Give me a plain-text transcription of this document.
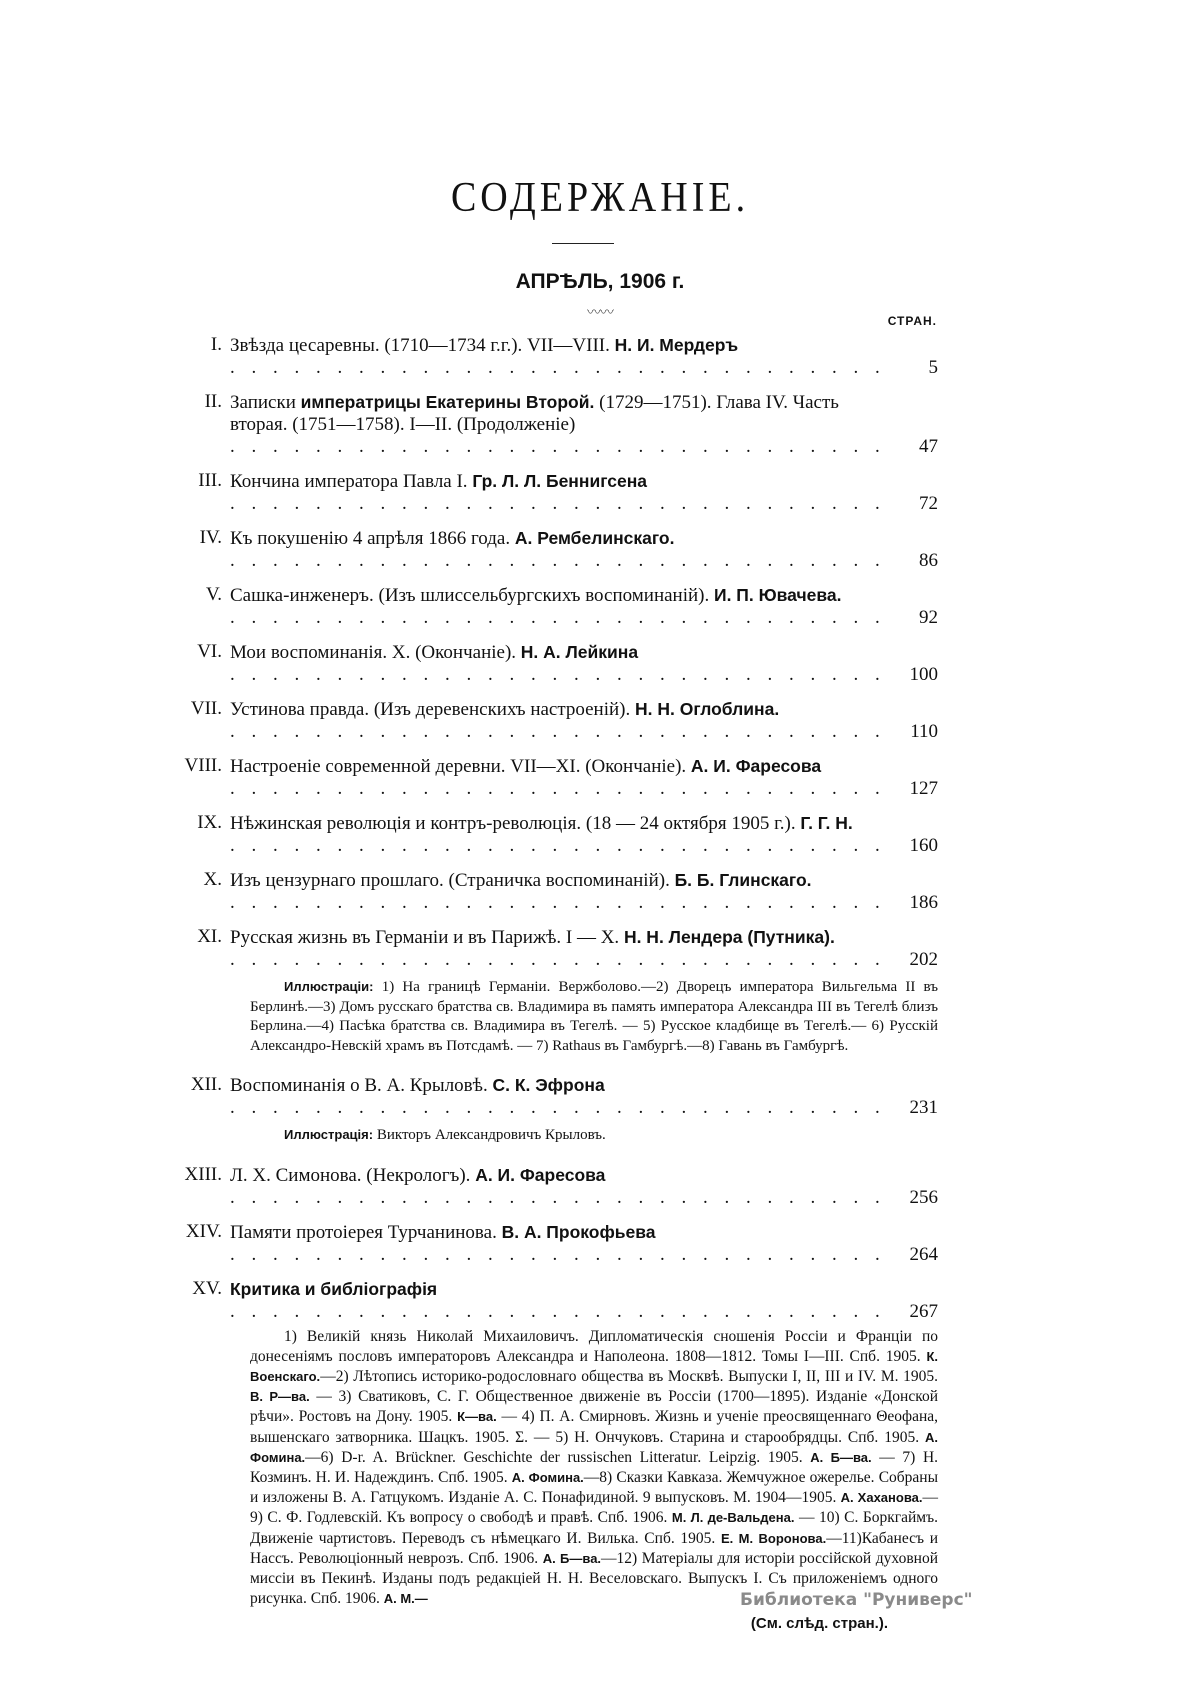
СОДЕРЖАНІЕ.
АПРѢЛЬ, 1906 г.
〰〰	СТРАН.
I. Звѣзда цесаревны. (1710—1734 г.г.). VII—VIII. Н. И. Мердеръ . . .
5
II. Записки императрицы Екатерины Второй. (1729—1751). Глава IV. Часть вторая. (1751—1758). I—II. (Продолженіе) . . .
47
III. Кончина императора Павла I. Гр. Л. Л. Беннигсена . . .
72
IV. Къ покушенію 4 апрѣля 1866 года. А. Рембелинскаго. . . .
86
V. Сашка-инженеръ. (Изъ шлиссельбургскихъ воспоминаній). И. П. Ювачева. . . .
92
VI. Мои воспоминанія. X. (Окончаніе). Н. А. Лейкина . . .
100
VII. Устинова правда. (Изъ деревенскихъ настроеній). Н. Н. Оглоблина. . . .
110
VIII. Настроеніе современной деревни. VII—XI. (Окончаніе). А. И. Фаресова . . .
127
IX. Нѣжинская революція и контръ-революція. (18 — 24 октября 1905 г.). Г. Г. Н. . . .
160
X. Изъ цензурнаго прошлаго. (Страничка воспоминаній). Б. Б. Глинскаго. . . .
186
XI. Русская жизнь въ Германіи и въ Парижѣ. I — X. Н. Н. Лендера (Путника). . . .
202
Иллюстраціи: 1) На границѣ Германіи. Вержболово.—2) Дворецъ императора Вильгельма II въ Берлинѣ.—3) Домъ русскаго братства св. Владимира въ память императора Александра III въ Тегелѣ близъ Берлина.—4) Пасѣка братства св. Владимира въ Тегелѣ. — 5) Русское кладбище въ Тегелѣ.— 6) Русскій Александро-Невскій храмъ въ Потсдамѣ. — 7) Rathaus въ Гамбургѣ.—8) Гавань въ Гамбургѣ.
XII. Воспоминанія о В. А. Крыловѣ. С. К. Эфрона . . .
231
Иллюстрація: Викторъ Александровичъ Крыловъ.
XIII. Л. Х. Симонова. (Некрологъ). А. И. Фаресова . . .
256
XIV. Памяти протоіерея Турчанинова. В. А. Прокофьева . . .
264
XV. Критика и библіографія . . .
267
1) Великій князь Николай Михаиловичъ. Дипломатическія сношенія Россіи и Франціи по донесеніямъ пословъ императоровъ Александра и Наполеона. 1808—1812. Томы I—III. Спб. 1905. К. Военскаго.—2) Лѣтопись историко-родословнаго общества въ Москвѣ. Выпуски I, II, III и IV. М. 1905. В. Р—ва. — 3) Сватиковъ, С. Г. Общественное движеніе въ Россіи (1700—1895). Изданіе «Донской рѣчи». Ростовъ на Дону. 1905. К—ва. — 4) П. А. Смирновъ. Жизнь и ученіе преосвященнаго Θеофана, вышенскаго затворника. Шацкъ. 1905. Σ. — 5) Н. Ончуковъ. Старина и старообрядцы. Спб. 1905. А. Фомина.—6) D-r. A. Brückner. Geschichte der russischen Litteratur. Leipzig. 1905. А. Б—ва. — 7) Н. Козминъ. Н. И. Надеждинъ. Спб. 1905. А. Фомина.—8) Сказки Кавказа. Жемчужное ожерелье. Собраны и изложены В. А. Гатцукомъ. Изданіе А. С. Понафидиной. 9 выпусковъ. М. 1904—1905. А. Хаханова.—9) С. Ф. Годлевскій. Къ вопросу о свободѣ и правѣ. Спб. 1906. М. Л. де-Вальдена. — 10) С. Боркгаймъ. Движеніе чартистовъ. Переводъ съ нѣмецкаго И. Вилька. Спб. 1905. Е. М. Воронова.—11)Кабанесъ и Нассъ. Революціонный неврозъ. Спб. 1906. А. Б—ва.—12) Матеріалы для исторіи россійской духовной миссіи въ Пекинѣ. Изданы подъ редакціей Н. Н. Веселовскаго. Выпускъ I. Съ приложеніемъ одного рисунка. Спб. 1906. А. М.—
(См. слѣд. стран.).
Библиотека "Руниверс"
